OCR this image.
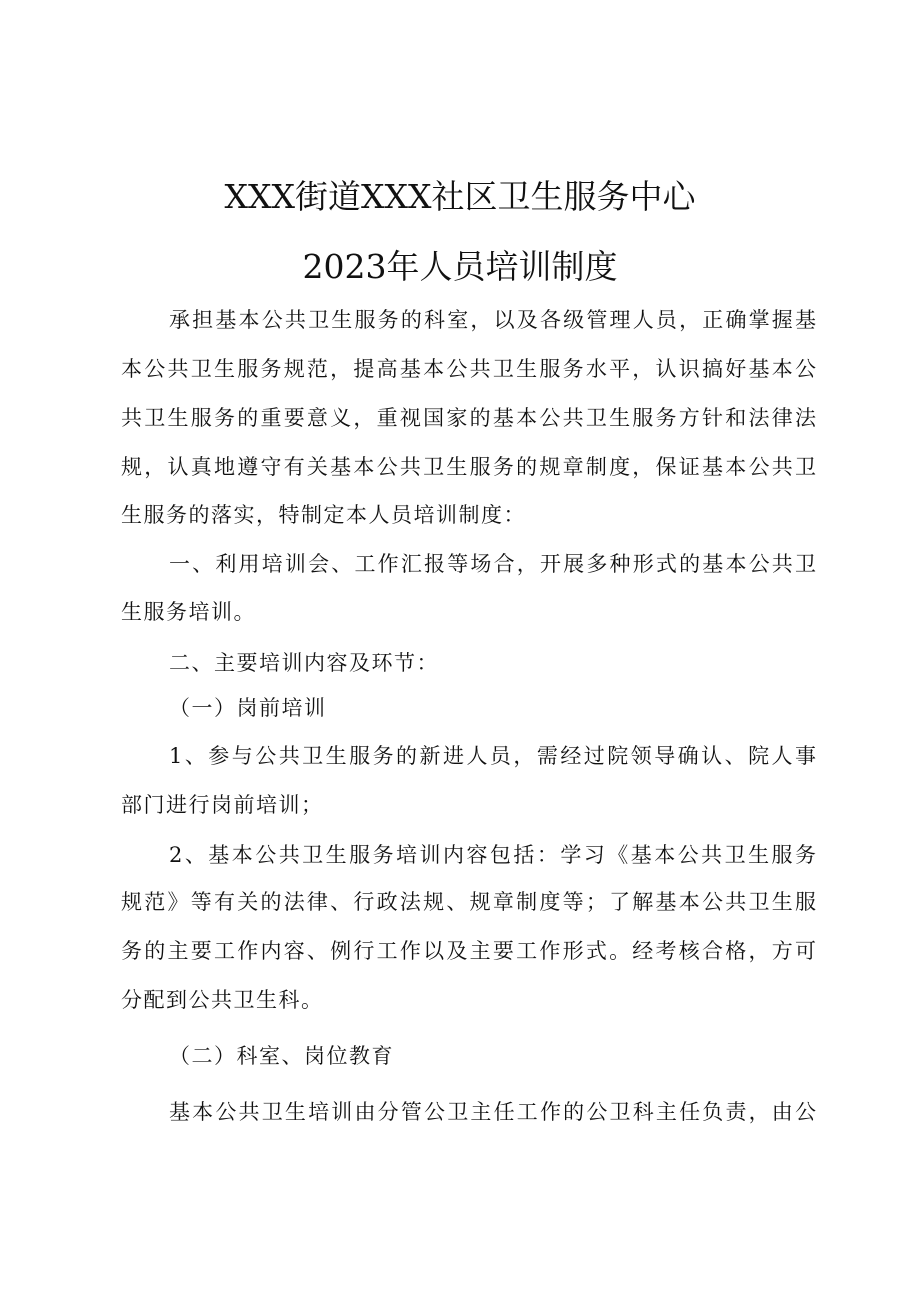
XXX街道XXX社区卫生服务中心
2023年人员培训制度
承担基本公共卫生服务的科室，以及各级管理人员，正确掌握基
本公共卫生服务规范，提高基本公共卫生服务水平，认识搞好基本公
共卫生服务的重要意义，重视国家的基本公共卫生服务方针和法律法
规，认真地遵守有关基本公共卫生服务的规章制度，保证基本公共卫
生服务的落实，特制定本人员培训制度：
一、利用培训会、工作汇报等场合，开展多种形式的基本公共卫
生服务培训。
二、主要培训内容及环节：
（一）岗前培训
1、参与公共卫生服务的新进人员，需经过院领导确认、院人事
部门进行岗前培训；
2、基本公共卫生服务培训内容包括：学习《基本公共卫生服务
规范》等有关的法律、行政法规、规章制度等；了解基本公共卫生服
务的主要工作内容、例行工作以及主要工作形式。经考核合格，方可
分配到公共卫生科。
（二）科室、岗位教育
基本公共卫生培训由分管公卫主任工作的公卫科主任负责，由公
